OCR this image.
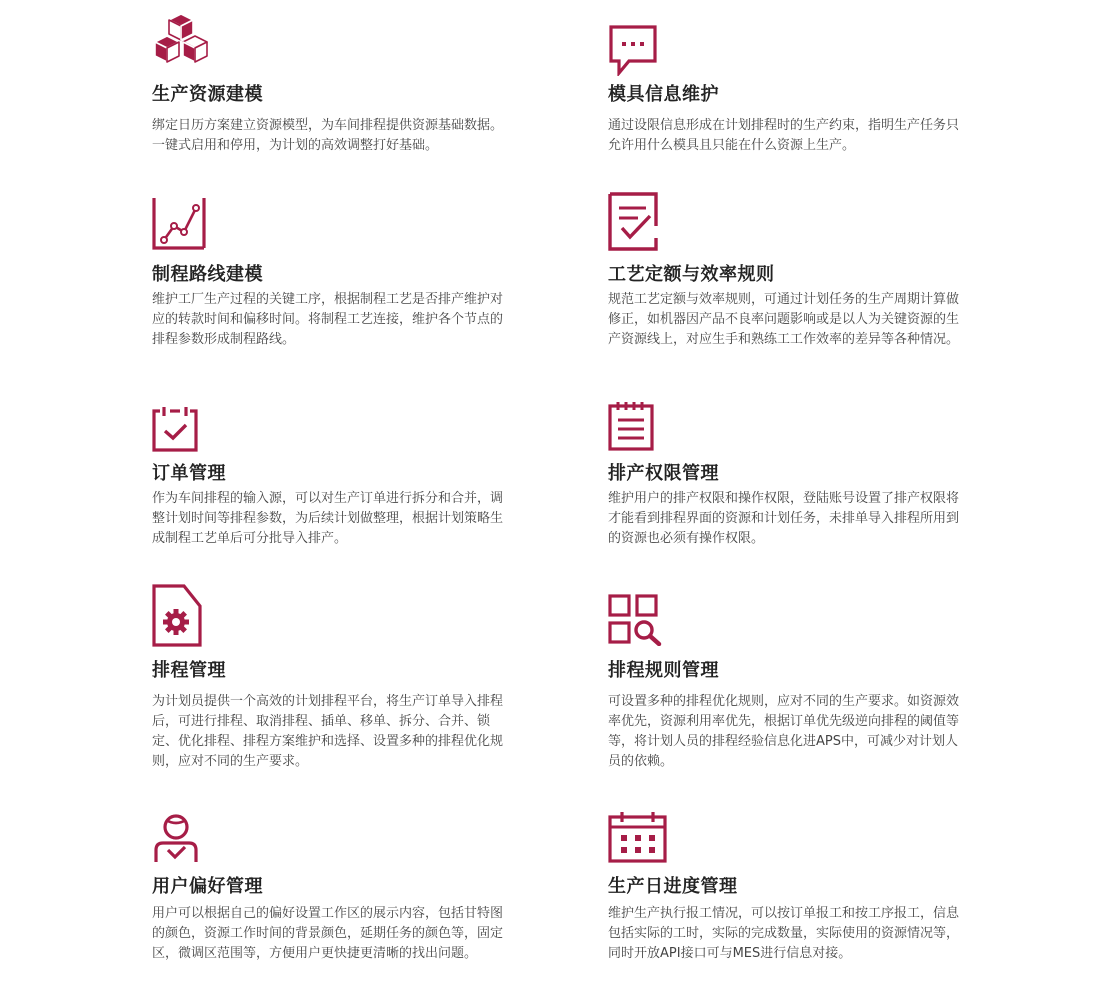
生产资源建模

绑定日历方案建立资源模型，为车间排程提供资源基础数据。一键式启用和停用，为计划的高效调整打好基础。

模具信息维护

通过设限信息形成在计划排程时的生产约束，指明生产任务只允许用什么模具且只能在什么资源上生产。

制程路线建模

维护工厂生产过程的关键工序，根据制程工艺是否排产维护对应的转款时间和偏移时间。将制程工艺连接，维护各个节点的排程参数形成制程路线。

工艺定额与效率规则

规范工艺定额与效率规则，可通过计划任务的生产周期计算做修正，如机器因产品不良率问题影响或是以人为关键资源的生产资源线上，对应生手和熟练工工作效率的差异等各种情况。

订单管理

作为车间排程的输入源，可以对生产订单进行拆分和合并，调整计划时间等排程参数，为后续计划做整理，根据计划策略生成制程工艺单后可分批导入排产。

排产权限管理

维护用户的排产权限和操作权限，登陆账号设置了排产权限将才能看到排程界面的资源和计划任务，未排单导入排程所用到的资源也必须有操作权限。

排程管理

为计划员提供一个高效的计划排程平台，将生产订单导入排程后，可进行排程、取消排程、插单、移单、拆分、合并、锁定、优化排程、排程方案维护和选择、设置多种的排程优化规则，应对不同的生产要求。

排程规则管理

可设置多种的排程优化规则，应对不同的生产要求。如资源效率优先，资源利用率优先，根据订单优先级逆向排程的阈值等等，将计划人员的排程经验信息化进APS中，可减少对计划人员的依赖。

用户偏好管理

用户可以根据自己的偏好设置工作区的展示内容，包括甘特图的颜色，资源工作时间的背景颜色，延期任务的颜色等，固定区，微调区范围等，方便用户更快捷更清晰的找出问题。

生产日进度管理

维护生产执行报工情况，可以按订单报工和按工序报工，信息包括实际的工时，实际的完成数量，实际使用的资源情况等，同时开放API接口可与MES进行信息对接。
